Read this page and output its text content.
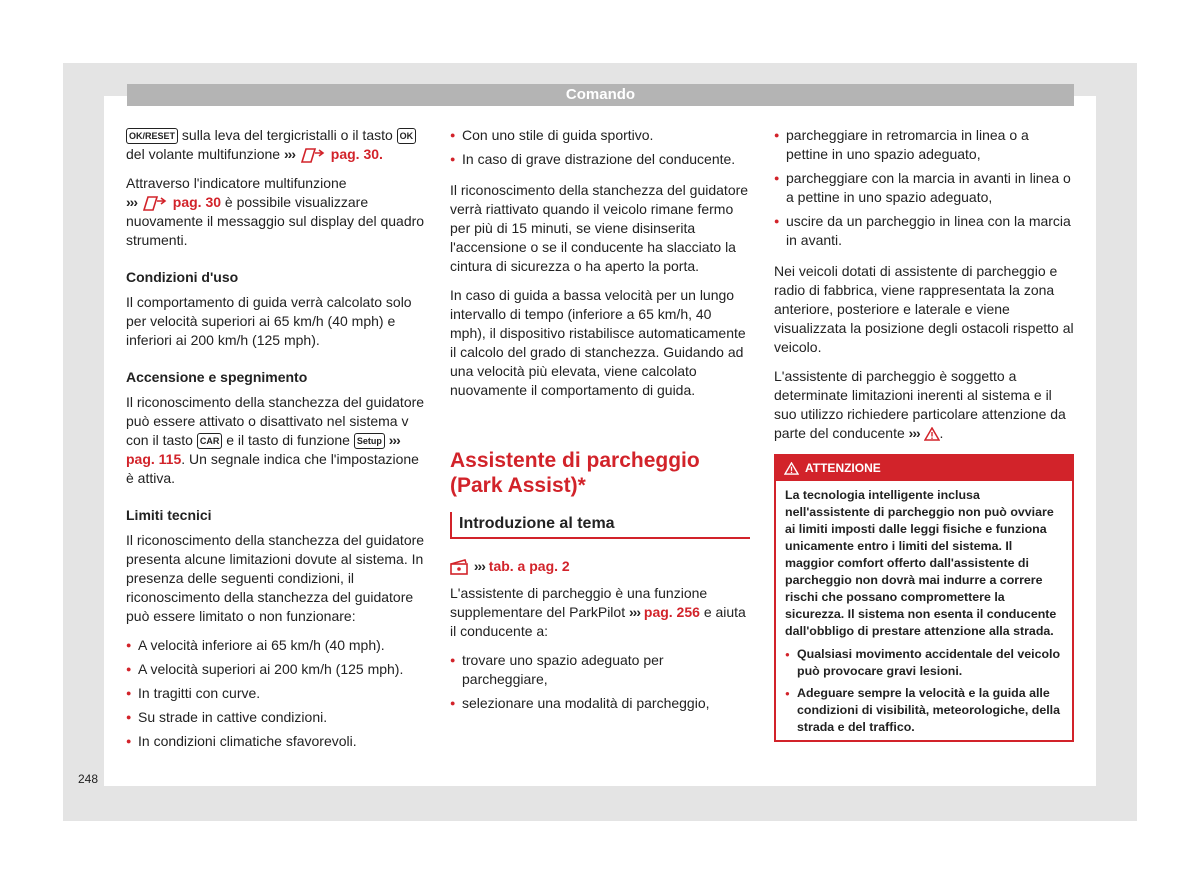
Comando

OK/RESET sulla leva del tergicristalli o il tasto OK del volante multifunzione ›››	pag. 30.

Attraverso l'indicatore multifunzione
›››	pag. 30 è possibile visualizzare nuovamente il messaggio sul display del quadro strumenti.

Condizioni d'uso

Il comportamento di guida verrà calcolato solo per velocità superiori ai 65 km/h (40 mph) e inferiori ai 200 km/h (125 mph).

Accensione e spegnimento

Il riconoscimento della stanchezza del guidatore può essere attivato o disattivato nel sistema v con il tasto CAR e il tasto di funzione Setup ››› pag. 115. Un segnale indica che l'impostazione è attiva.

Limiti tecnici

Il riconoscimento della stanchezza del guidatore presenta alcune limitazioni dovute al sistema. In presenza delle seguenti condizioni, il riconoscimento della stanchezza del guidatore può essere limitato o non funzionare:

● A velocità inferiore ai 65 km/h (40 mph).
● A velocità superiori ai 200 km/h (125 mph).
● In tragitti con curve.
● Su strade in cattive condizioni.
● In condizioni climatiche sfavorevoli.
● Con uno stile di guida sportivo.
● In caso di grave distrazione del conducente.

Il riconoscimento della stanchezza del guidatore verrà riattivato quando il veicolo rimane fermo per più di 15 minuti, se viene disinserita l'accensione o se il conducente ha slacciato la cintura di sicurezza o ha aperto la porta.

In caso di guida a bassa velocità per un lungo intervallo di tempo (inferiore a 65 km/h, 40 mph), il dispositivo ristabilisce automaticamente il calcolo del grado di stanchezza. Guidando ad una velocità più elevata, viene calcolato nuovamente il comportamento di guida.

Assistente di parcheggio (Park Assist)*
Introduzione al tema
››› tab. a pag. 2

L'assistente di parcheggio è una funzione supplementare del ParkPilot ››› pag. 256 e aiuta il conducente a:

● trovare uno spazio adeguato per parcheggiare,
● selezionare una modalità di parcheggio,
● parcheggiare in retromarcia in linea o a pettine in uno spazio adeguato,
● parcheggiare con la marcia in avanti in linea o a pettine in uno spazio adeguato,
● uscire da un parcheggio in linea con la marcia in avanti.

Nei veicoli dotati di assistente di parcheggio e radio di fabbrica, viene rappresentata la zona anteriore, posteriore e laterale e viene visualizzata la posizione degli ostacoli rispetto al veicolo.

L'assistente di parcheggio è soggetto a determinate limitazioni inerenti al sistema e il suo utilizzo richiedere particolare attenzione da parte del conducente ››› .

ATTENZIONE

La tecnologia intelligente inclusa nell'assistente di parcheggio non può ovviare ai limiti imposti dalle leggi fisiche e funziona unicamente entro i limiti del sistema. Il maggior comfort offerto dall'assistente di parcheggio non dovrà mai indurre a correre rischi che possano compromettere la sicurezza. Il sistema non esenta il conducente dall'obbligo di prestare attenzione alla strada.

● Qualsiasi movimento accidentale del veicolo può provocare gravi lesioni.
● Adeguare sempre la velocità e la guida alle condizioni di visibilità, meteorologiche, della strada e del traffico.
248
